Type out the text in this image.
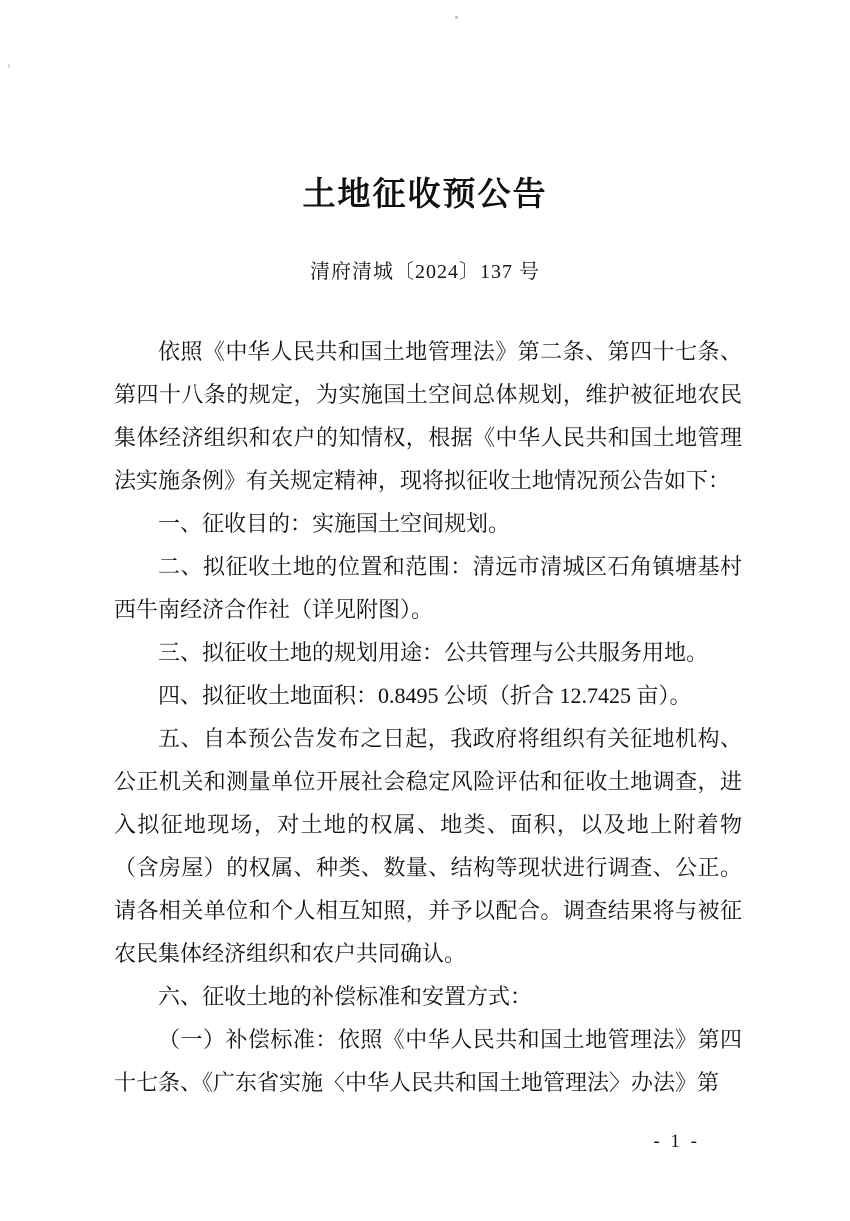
土地征收预公告
清府清城〔2024〕137 号

依照《中华人民共和国土地管理法》第二条、第四十七条、第四十八条的规定，为实施国土空间总体规划，维护被征地农民集体经济组织和农户的知情权，根据《中华人民共和国土地管理法实施条例》有关规定精神，现将拟征收土地情况预公告如下：

一、征收目的：实施国土空间规划。

二、拟征收土地的位置和范围：清远市清城区石角镇塘基村西牛南经济合作社（详见附图）。

三、拟征收土地的规划用途：公共管理与公共服务用地。

四、拟征收土地面积：0.8495 公顷（折合 12.7425 亩）。

五、自本预公告发布之日起，我政府将组织有关征地机构、公正机关和测量单位开展社会稳定风险评估和征收土地调查，进入拟征地现场，对土地的权属、地类、面积，以及地上附着物（含房屋）的权属、种类、数量、结构等现状进行调查、公正。请各相关单位和个人相互知照，并予以配合。调查结果将与被征农民集体经济组织和农户共同确认。

六、征收土地的补偿标准和安置方式：

（一）补偿标准：依照《中华人民共和国土地管理法》第四十七条、《广东省实施〈中华人民共和国土地管理法〉办法》第

- 1 -
